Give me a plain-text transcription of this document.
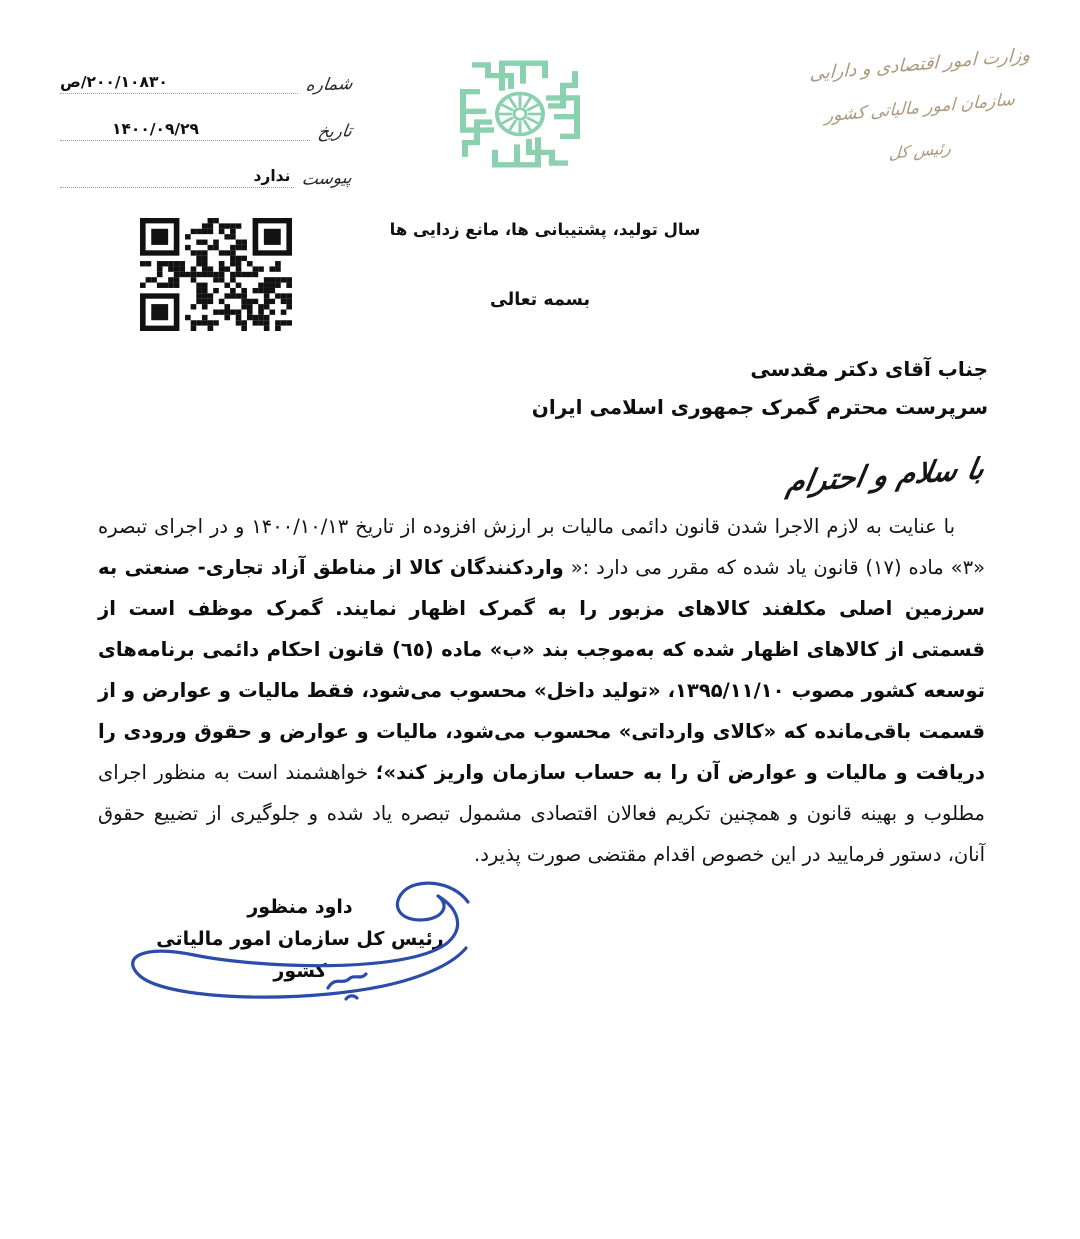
شماره
۲۰۰/۱۰۸۳۰/ص
تاریخ
۱۴۰۰/۰۹/۲۹
پیوست
ندارد
وزارت امور اقتصادی و دارایی
سازمان امور مالیاتی کشور
رئیس کل
سال تولید، پشتیبانی ها، مانع زدایی ها
بسمه تعالی
جناب آقای دکتر مقدسی
سرپرست محترم گمرک جمهوری اسلامی ایران
با سلام و احترام
با عنایت به لازم الاجرا شدن قانون دائمی مالیات بر ارزش افزوده از تاریخ ۱۴۰۰/۱۰/۱۳ و در اجرای تبصره «۳» ماده (۱۷) قانون یاد شده که مقرر می دارد :« واردکنندگان کالا از مناطق آزاد تجاری- صنعتی به سرزمین اصلی مکلفند کالاهای مزبور را به گمرک اظهار نمایند. گمرک موظف است از قسمتی از کالاهای اظهار شده که به‌موجب بند «ب» ماده (٦٥) قانون احکام دائمی برنامه‌های توسعه کشور مصوب ۱۳۹۵/۱۱/۱۰، «تولید داخل» محسوب می‌شود، فقط مالیات و عوارض و از قسمت باقی‌مانده که «کالای وارداتی» محسوب می‌شود، مالیات و عوارض و حقوق ورودی را دریافت و مالیات و عوارض آن را به حساب سازمان واریز کند»؛ خواهشمند است به منظور اجرای مطلوب و بهینه قانون و همچنین تکریم فعالان اقتصادی مشمول تبصره یاد شده و جلوگیری از تضییع حقوق آنان، دستور فرمایید در این خصوص اقدام مقتضی صورت پذیرد.
داود منظور
رئیس کل سازمان امور مالیاتی کشور
